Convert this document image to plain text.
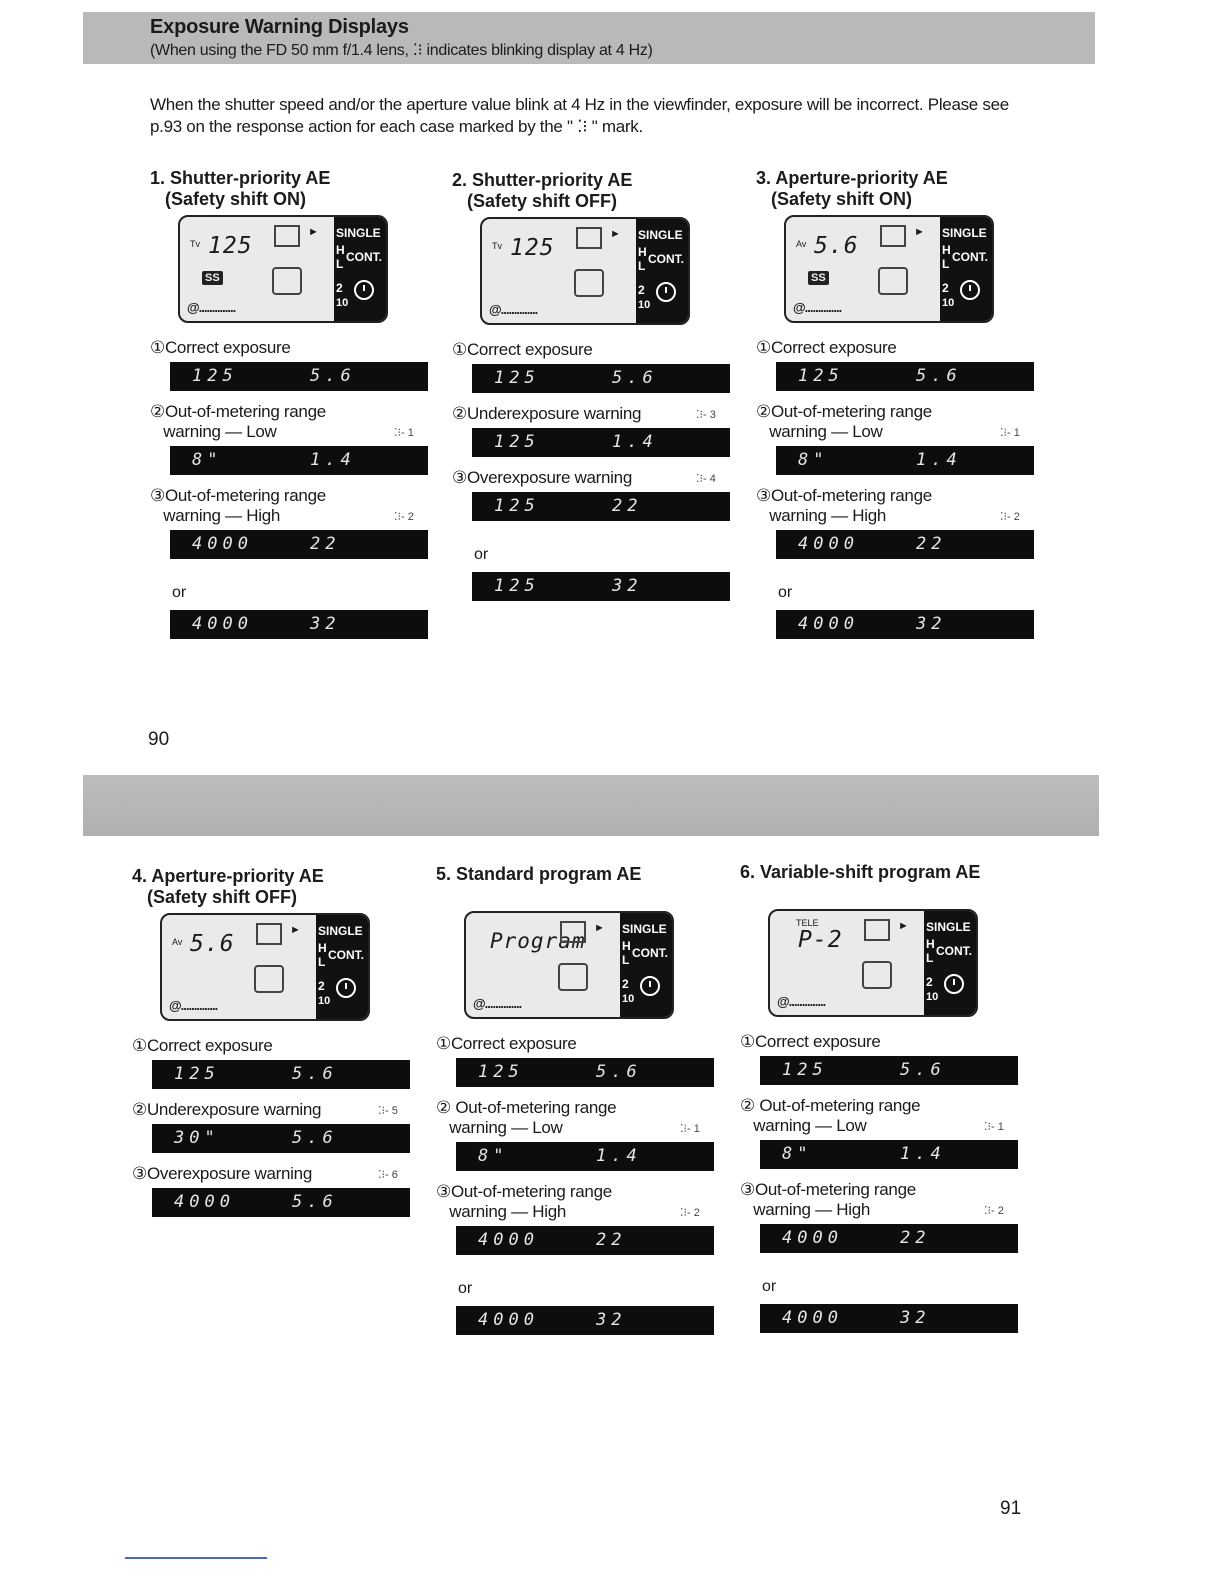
Exposure Warning Displays
(When using the FD 50 mm f/1.4 lens, ⁚⁝ indicates blinking display at 4 Hz)
When the shutter speed and/or the aperture value blink at 4 Hz in the viewfinder, exposure will be incorrect. Please see p.93 on the response action for each case marked by the " ⁚⁝ " mark.
90
91
1. Shutter-priority AE
(Safety shift ON)
Tv 125
SS
►
@..............
SINGLE
H CONT.
L
2
10
①Correct exposure
125	5.6
②Out-of-metering range
warning — Low	⁚⁝- 1
8"	1.4
③Out-of-metering range
warning — High	⁚⁝- 2
4000	22
or
4000	32
2. Shutter-priority AE
(Safety shift OFF)
Tv 125
►
@..............
SINGLE
H CONT.
L
2
10
①Correct exposure
125	5.6
②Underexposure warning	⁚⁝- 3
125	1.4
③Overexposure warning	⁚⁝- 4
125	22
or
125	32
3. Aperture-priority AE
(Safety shift ON)
Av 5.6
SS
►
@..............
SINGLE
H CONT.
L
2
10
①Correct exposure
125	5.6
②Out-of-metering range
warning — Low	⁚⁝- 1
8"	1.4
③Out-of-metering range
warning — High	⁚⁝- 2
4000	22
or
4000	32
4. Aperture-priority AE
(Safety shift OFF)
Av 5.6
►
@..............
SINGLE
H CONT.
L
2
10
①Correct exposure
125	5.6
②Underexposure warning	⁚⁝- 5
30"	5.6
③Overexposure warning	⁚⁝- 6
4000	5.6
5. Standard program AE
Program
►
@..............
SINGLE
H CONT.
L
2
10
①Correct exposure
125	5.6
② Out-of-metering range
warning — Low	⁚⁝- 1
8"	1.4
③Out-of-metering range
warning — High	⁚⁝- 2
4000	22
or
4000	32
6. Variable-shift program AE
TELE
P-2
►
@..............
SINGLE
H CONT.
L
2
10
①Correct exposure
125	5.6
② Out-of-metering range
warning — Low	⁚⁝- 1
8"	1.4
③Out-of-metering range
warning — High	⁚⁝- 2
4000	22
or
4000	32
